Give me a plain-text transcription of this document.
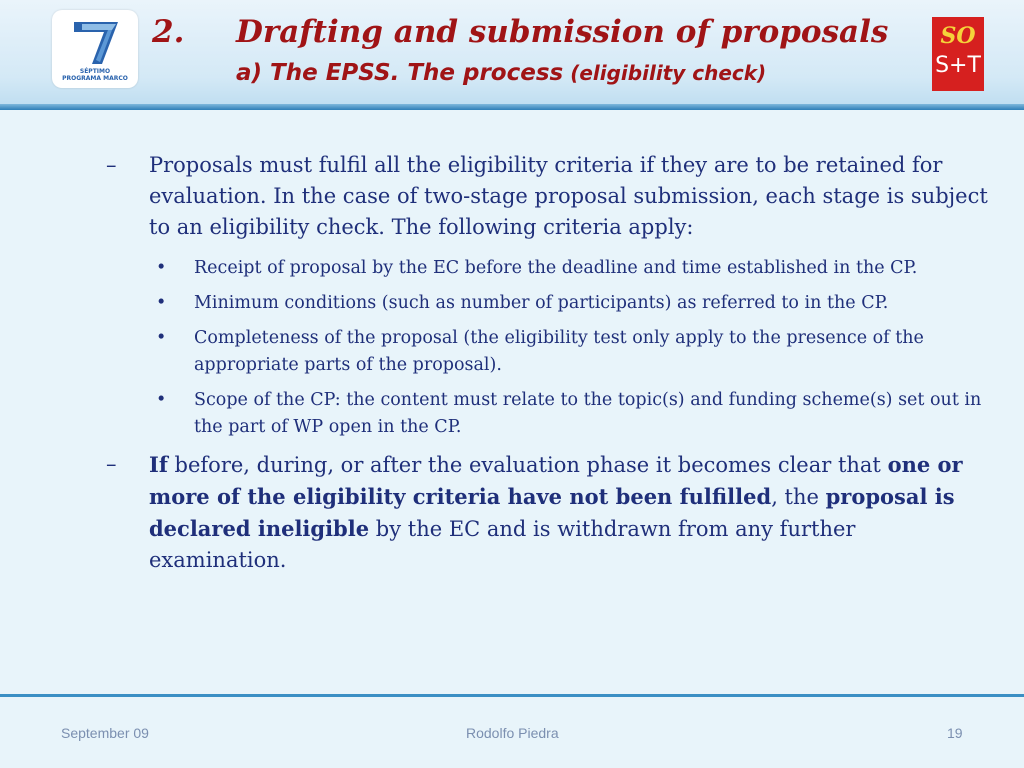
SÉPTIMO
PROGRAMA MARCO
2. Drafting and submission of proposals
a) The EPSS. The process (eligibility check)
SO
S+T
– Proposals must fulfil all the eligibility criteria if they are to be retained for evaluation. In the case of two-stage proposal submission, each stage is subject to an eligibility check. The following criteria apply:
• Receipt of proposal by the EC before the deadline and time established in the CP.
• Minimum conditions (such as number of participants) as referred to in the CP.
• Completeness of the proposal (the eligibility test only apply to the presence of the appropriate parts of the proposal).
• Scope of the CP: the content must relate to the topic(s) and funding scheme(s) set out in the part of WP open in the CP.
– If before, during, or after the evaluation phase it becomes clear that one or more of the eligibility criteria have not been fulfilled, the proposal is declared ineligible by the EC and is withdrawn from any further examination.
September 09	Rodolfo Piedra	19
